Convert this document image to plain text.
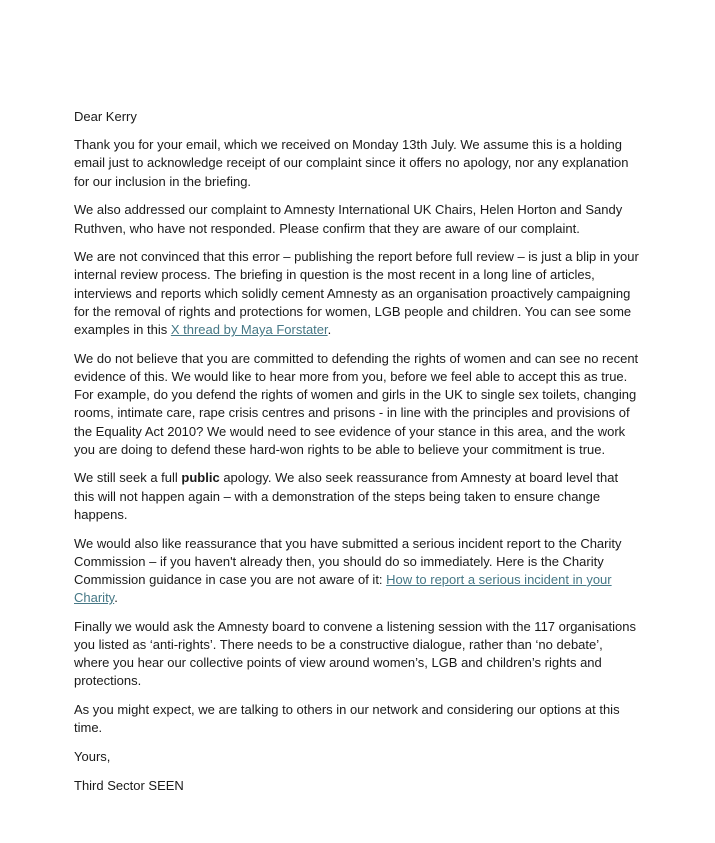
Dear Kerry

Thank you for your email, which we received on Monday 13th July. We assume this is a holding email just to acknowledge receipt of our complaint since it offers no apology, nor any explanation for our inclusion in the briefing.

We also addressed our complaint to Amnesty International UK Chairs, Helen Horton and Sandy Ruthven, who have not responded. Please confirm that they are aware of our complaint.

We are not convinced that this error – publishing the report before full review – is just a blip in your internal review process. The briefing in question is the most recent in a long line of articles, interviews and reports which solidly cement Amnesty as an organisation proactively campaigning for the removal of rights and protections for women, LGB people and children. You can see some examples in this X thread by Maya Forstater.

We do not believe that you are committed to defending the rights of women and can see no recent evidence of this. We would like to hear more from you, before we feel able to accept this as true. For example, do you defend the rights of women and girls in the UK to single sex toilets, changing rooms, intimate care, rape crisis centres and prisons - in line with the principles and provisions of the Equality Act 2010? We would need to see evidence of your stance in this area, and the work you are doing to defend these hard-won rights to be able to believe your commitment is true.

We still seek a full public apology. We also seek reassurance from Amnesty at board level that this will not happen again – with a demonstration of the steps being taken to ensure change happens.

We would also like reassurance that you have submitted a serious incident report to the Charity Commission – if you haven't already then, you should do so immediately. Here is the Charity Commission guidance in case you are not aware of it: How to report a serious incident in your Charity.

Finally we would ask the Amnesty board to convene a listening session with the 117 organisations you listed as ‘anti-rights’. There needs to be a constructive dialogue, rather than ‘no debate’, where you hear our collective points of view around women’s, LGB and children’s rights and protections.

As you might expect, we are talking to others in our network and considering our options at this time.

Yours,

Third Sector SEEN
